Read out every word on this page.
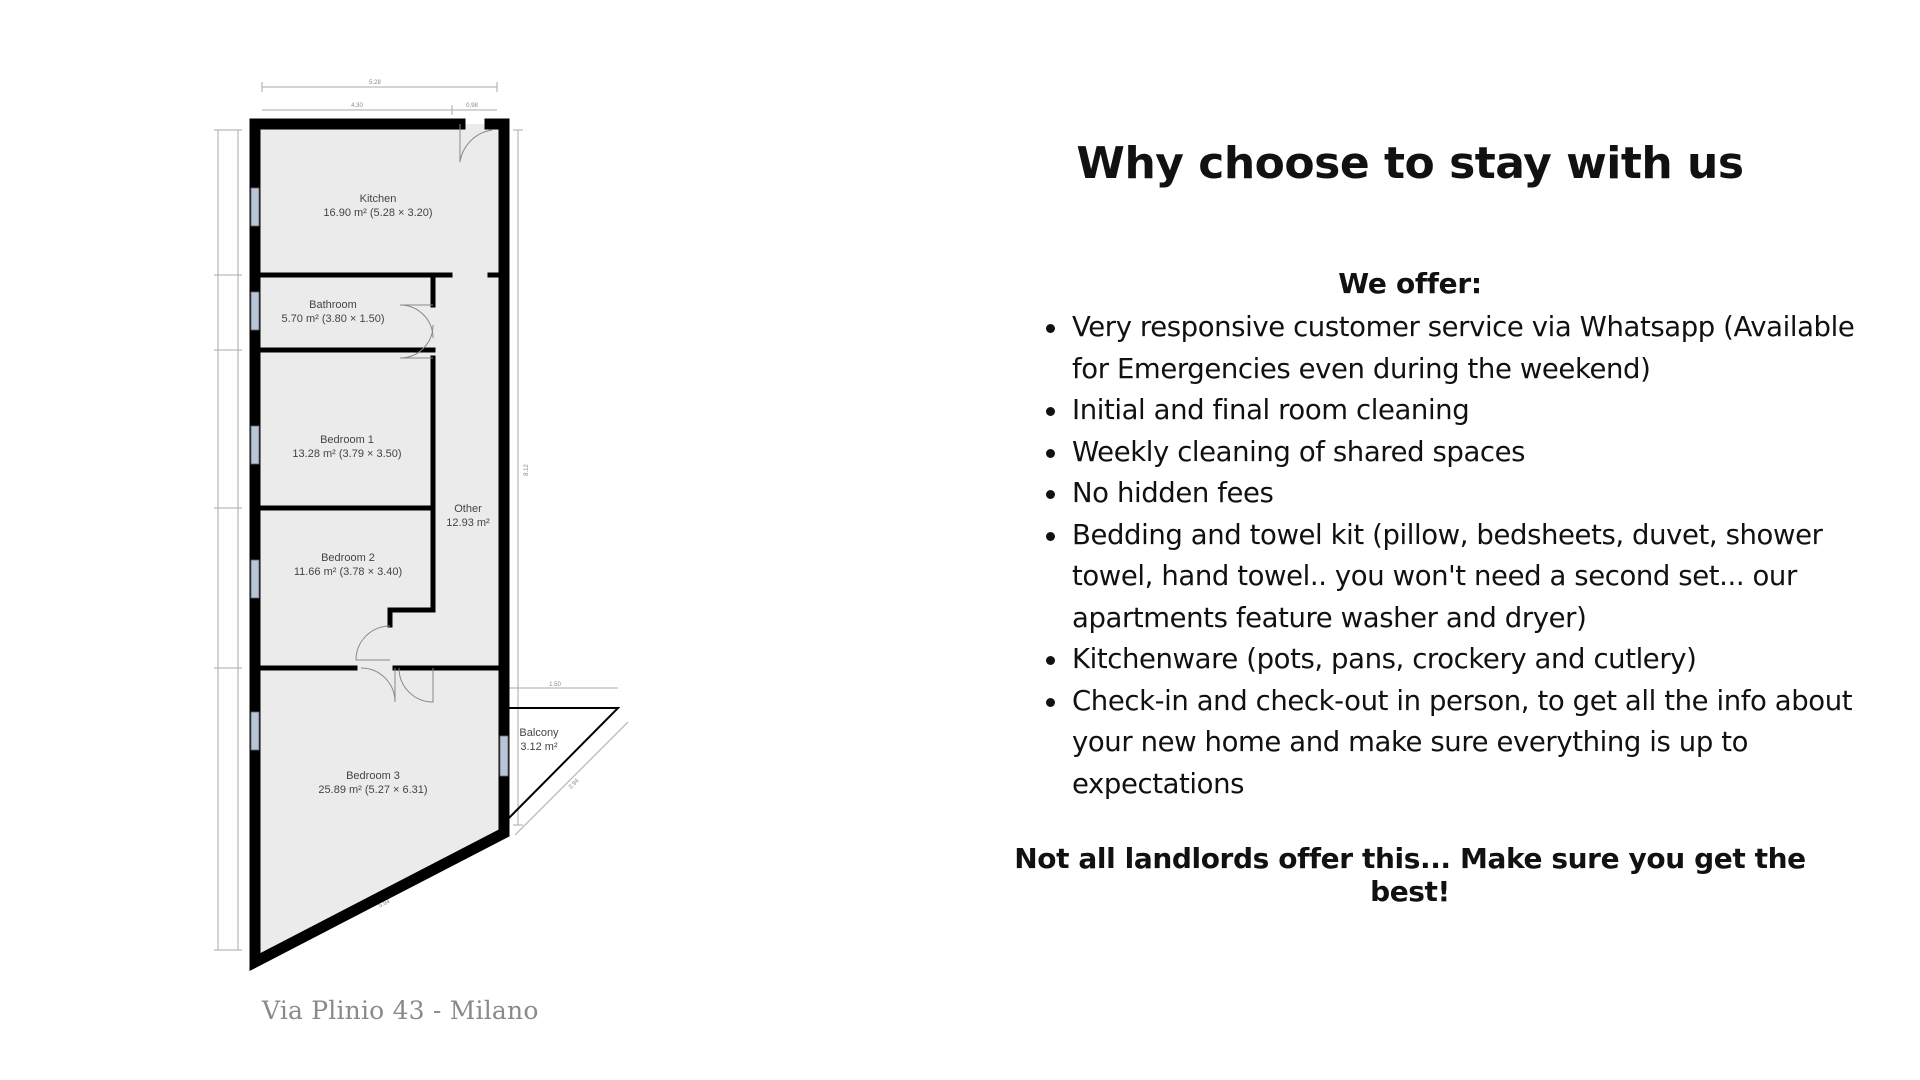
5.28
4.30	0.98
1.50
5.94
2.94
8.12
Kitchen
16.90 m² (5.28 × 3.20)
Bathroom
5.70 m² (3.80 × 1.50)
Bedroom 1
13.28 m² (3.79 × 3.50)
Bedroom 2
11.66 m² (3.78 × 3.40)
Other
12.93 m²
Bedroom 3
25.89 m² (5.27 × 6.31)
Balcony
3.12 m²
Via Plinio 43 - Milano
Why choose to stay with us
We offer:
Very responsive customer service via Whatsapp (Available for Emergencies even during the weekend)
Initial and final room cleaning
Weekly cleaning of shared spaces
No hidden fees
Bedding and towel kit (pillow, bedsheets, duvet, shower towel, hand towel.. you won't need a second set... our apartments feature washer and dryer)
Kitchenware (pots, pans, crockery and cutlery)
Check-in and check-out in person, to get all the info about your new home and make sure everything is up to expectations
Not all landlords offer this... Make sure you get the best!
